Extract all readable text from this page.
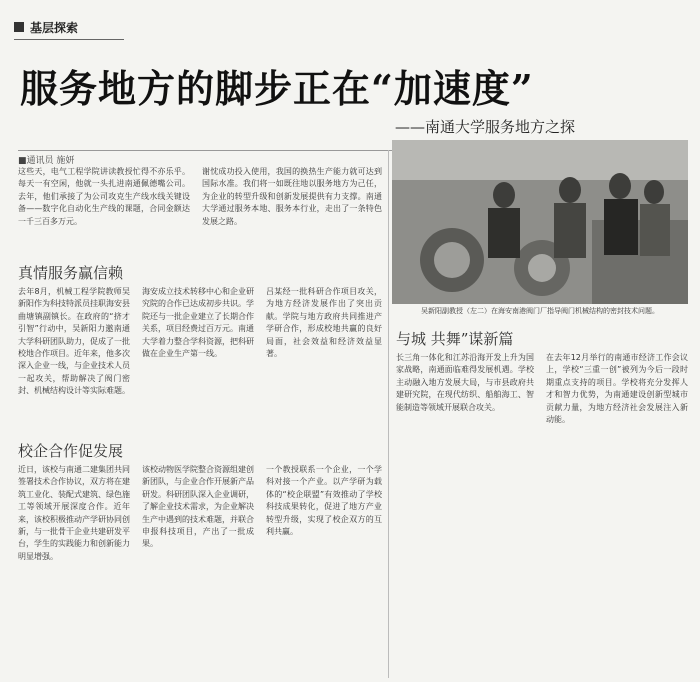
基层探索
服务地方的脚步正在“加速度”
——南通大学服务地方之探
■通讯员 施妍
这些天，电气工程学院讲读教授忙得不亦乐乎。每天一有空闲，他就一头扎进南通佩德嘴公司。去年，他们承接了为公司攻克生产线水线关键设备——数字化自动化生产线的课题，合同金额达一千三百多万元。
谢忱成功投入使用，我国的换热生产能力就可达到国际水准。我们将一如既往地以服务地方为己任，为企业的转型升级和创新发展提供有力支撑。南通大学通过服务本地、服务本行业，走出了一条特色发展之路。
吴新阳副教授（左二）在海安南港阀门厂指导阀门机械结构的密封技术问题。
真情服务赢信赖
去年8月，机械工程学院教师吴新阳作为科技特派员挂职海安县曲塘镇副镇长。在政府的“挤才引智”行动中，吴新阳力邀南通大学科研团队助力，促成了一批校地合作项目。近年来，他多次深入企业一线，与企业技术人员一起攻关，帮助解决了阀门密封、机械结构设计等实际难题。
海安成立技术转移中心和企业研究院的合作已达成初步共识。学院还与一批企业建立了长期合作关系，项目经费过百万元。南通大学着力整合学科资源，把科研做在企业生产第一线。
吕某经一批科研合作项目攻关，为地方经济发展作出了突出贡献。学院与地方政府共同推进产学研合作，形成校地共赢的良好局面，社会效益和经济效益显著。
校企合作促发展
近日，该校与南通二建集团共同签署技术合作协议，双方将在建筑工业化、装配式建筑、绿色施工等领域开展深度合作。近年来，该校积极推动产学研协同创新，与一批骨干企业共建研发平台，学生的实践能力和创新能力明显增强。
该校动物医学院整合资源组建创新团队，与企业合作开展新产品研发。科研团队深入企业调研，了解企业技术需求，为企业解决生产中遇到的技术难题，并联合申报科技项目，产出了一批成果。
一个教授联系一个企业，一个学科对接一个产业。以产学研为载体的“校企联盟”有效推动了学校科技成果转化，促进了地方产业转型升级，实现了校企双方的互利共赢。
与城 共舞”谋新篇
长三角一体化和江苏沿海开发上升为国家战略，南通面临难得发展机遇。学校主动融入地方发展大局，与市县政府共建研究院，在现代纺织、船舶海工、智能制造等领域开展联合攻关。
在去年12月举行的南通市经济工作会议上，学校“三重一创”被列为今后一段时期重点支持的项目。学校将充分发挥人才和智力优势，为南通建设创新型城市贡献力量，为地方经济社会发展注入新动能。
